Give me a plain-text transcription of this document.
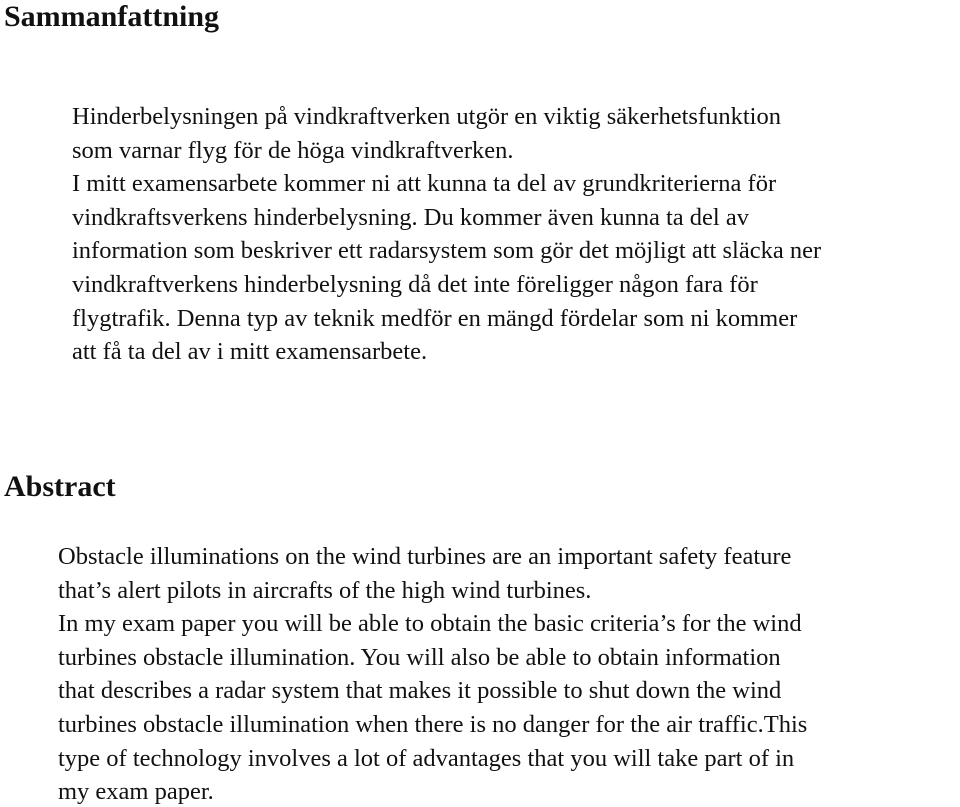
Sammanfattning
Hinderbelysningen på vindkraftverken utgör en viktig säkerhetsfunktion
som varnar flyg för de höga vindkraftverken.
I mitt examensarbete kommer ni att kunna ta del av grundkriterierna för
vindkraftsverkens hinderbelysning. Du kommer även kunna ta del av
information som beskriver ett radarsystem som gör det möjligt att släcka ner
vindkraftverkens hinderbelysning då det inte föreligger någon fara för
flygtrafik. Denna typ av teknik medför en mängd fördelar som ni kommer
att få ta del av i mitt examensarbete.
Abstract
Obstacle illuminations on the wind turbines are an important safety feature
that’s alert pilots in aircrafts of the high wind turbines.
In my exam paper you will be able to obtain the basic criteria’s for the wind
turbines obstacle illumination. You will also be able to obtain information
that describes a radar system that makes it possible to shut down the wind
turbines obstacle illumination when there is no danger for the air traffic.This
type of technology involves a lot of advantages that you will take part of in
my exam paper.
